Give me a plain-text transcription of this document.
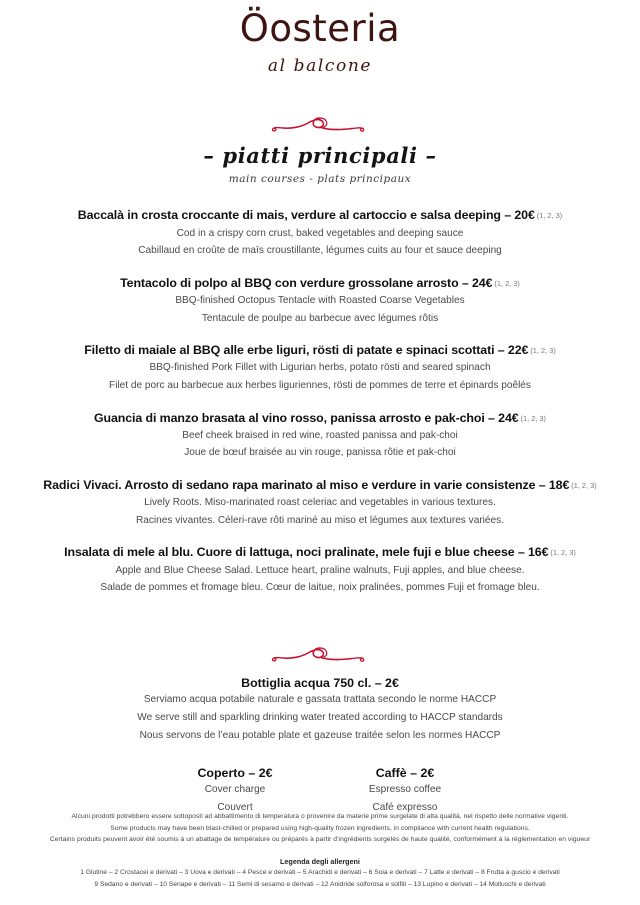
Öosteria
al balcone
– piatti principali –
main courses - plats principaux
Baccalà in crosta croccante di mais, verdure al cartoccio e salsa deeping – 20€ (1, 2, 3)
Cod in a crispy corn crust, baked vegetables and deeping sauce
Cabillaud en croûte de maïs croustillante, légumes cuits au four et sauce deeping
Tentacolo di polpo al BBQ con verdure grossolane arrosto – 24€ (1, 2, 3)
BBQ-finished Octopus Tentacle with Roasted Coarse Vegetables
Tentacule de poulpe au barbecue avec légumes rôtis
Filetto di maiale al BBQ alle erbe liguri, rösti di patate e spinaci scottati – 22€ (1, 2, 3)
BBQ-finished Pork Fillet with Ligurian herbs, potato rösti and seared spinach
Filet de porc au barbecue aux herbes liguriennes, rösti de pommes de terre et épinards poêlés
Guancia di manzo brasata al vino rosso, panissa arrosto e pak-choi – 24€ (1, 2, 3)
Beef cheek braised in red wine, roasted panissa and pak-choi
Joue de bœuf braisée au vin rouge, panissa rôtie et pak-choi
Radici Vivaci. Arrosto di sedano rapa marinato al miso e verdure in varie consistenze – 18€ (1, 2, 3)
Lively Roots. Miso-marinated roast celeriac and vegetables in various textures.
Racines vivantes. Céleri-rave rôti mariné au miso et légumes aux textures variées.
Insalata di mele al blu. Cuore di lattuga, noci pralinate, mele fuji e blue cheese – 16€ (1, 2, 3)
Apple and Blue Cheese Salad. Lettuce heart, praline walnuts, Fuji apples, and blue cheese.
Salade de pommes et fromage bleu. Cœur de laitue, noix pralinées, pommes Fuji et fromage bleu.
Bottiglia acqua 750 cl. – 2€
Serviamo acqua potabile naturale e gassata trattata secondo le norme HACCP
We serve still and sparkling drinking water treated according to HACCP standards
Nous servons de l’eau potable plate et gazeuse traitée selon les normes HACCP
Coperto – 2€
Cover charge
Couvert
Caffè – 2€
Espresso coffee
Café expresso
Alcuni prodotti potrebbero essere sottoposti ad abbattimento di temperatura o provenire da materie prime surgelate di alta qualità, nel rispetto delle normative vigenti.
Some products may have been blast-chilled or prepared using high-quality frozen ingredients, in compliance with current health regulations.
Certains produits peuvent avoir été soumis à un abattage de température ou préparés à partir d’ingrédients surgelés de haute qualité, conformément à la réglementation en vigueur
Legenda degli allergeni
1 Glutine – 2 Crostacei e derivati – 3 Uova e derivati – 4 Pesce e derivati – 5 Arachidi e derivati – 6 Soia e derivati – 7 Latte e derivati – 8 Frutta a guscio e derivati
9 Sedano e derivati – 10 Senape e derivati – 11 Semi di sesamo e derivati – 12 Anidride solforosa e solfiti – 13 Lupino e derivati – 14 Molluschi e derivati
